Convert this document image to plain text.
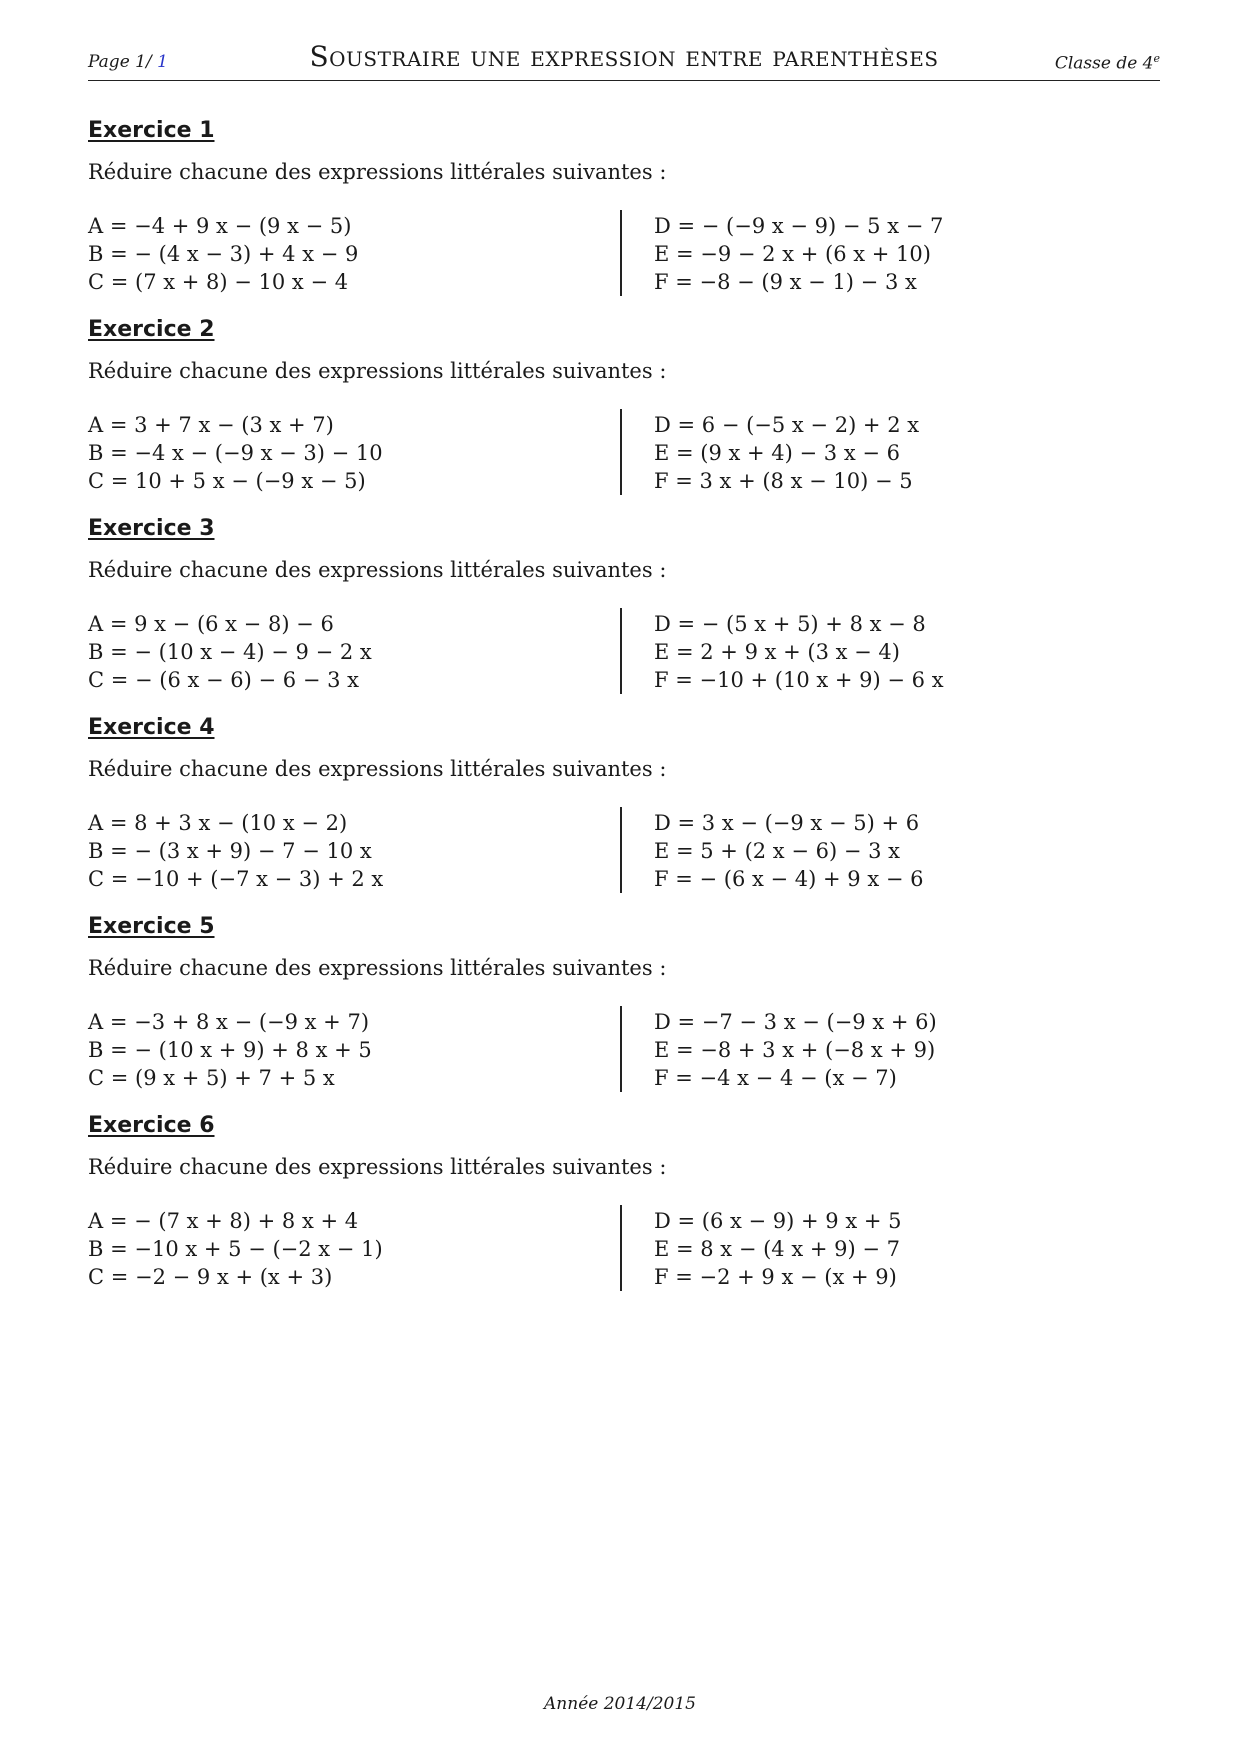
Page 1/ 1	Soustraire une expression entre parenthèses	Classe de 4e
Exercice 1
Réduire chacune des expressions littérales suivantes :
A = −4 + 9 x − (9 x − 5)
B = − (4 x − 3) + 4 x − 9
C = (7 x + 8) − 10 x − 4
D = − (−9 x − 9) − 5 x − 7
E = −9 − 2 x + (6 x + 10)
F = −8 − (9 x − 1) − 3 x
Exercice 2
Réduire chacune des expressions littérales suivantes :
A = 3 + 7 x − (3 x + 7)
B = −4 x − (−9 x − 3) − 10
C = 10 + 5 x − (−9 x − 5)
D = 6 − (−5 x − 2) + 2 x
E = (9 x + 4) − 3 x − 6
F = 3 x + (8 x − 10) − 5
Exercice 3
Réduire chacune des expressions littérales suivantes :
A = 9 x − (6 x − 8) − 6
B = − (10 x − 4) − 9 − 2 x
C = − (6 x − 6) − 6 − 3 x
D = − (5 x + 5) + 8 x − 8
E = 2 + 9 x + (3 x − 4)
F = −10 + (10 x + 9) − 6 x
Exercice 4
Réduire chacune des expressions littérales suivantes :
A = 8 + 3 x − (10 x − 2)
B = − (3 x + 9) − 7 − 10 x
C = −10 + (−7 x − 3) + 2 x
D = 3 x − (−9 x − 5) + 6
E = 5 + (2 x − 6) − 3 x
F = − (6 x − 4) + 9 x − 6
Exercice 5
Réduire chacune des expressions littérales suivantes :
A = −3 + 8 x − (−9 x + 7)
B = − (10 x + 9) + 8 x + 5
C = (9 x + 5) + 7 + 5 x
D = −7 − 3 x − (−9 x + 6)
E = −8 + 3 x + (−8 x + 9)
F = −4 x − 4 − (x − 7)
Exercice 6
Réduire chacune des expressions littérales suivantes :
A = − (7 x + 8) + 8 x + 4
B = −10 x + 5 − (−2 x − 1)
C = −2 − 9 x + (x + 3)
D = (6 x − 9) + 9 x + 5
E = 8 x − (4 x + 9) − 7
F = −2 + 9 x − (x + 9)
Année 2014/2015
